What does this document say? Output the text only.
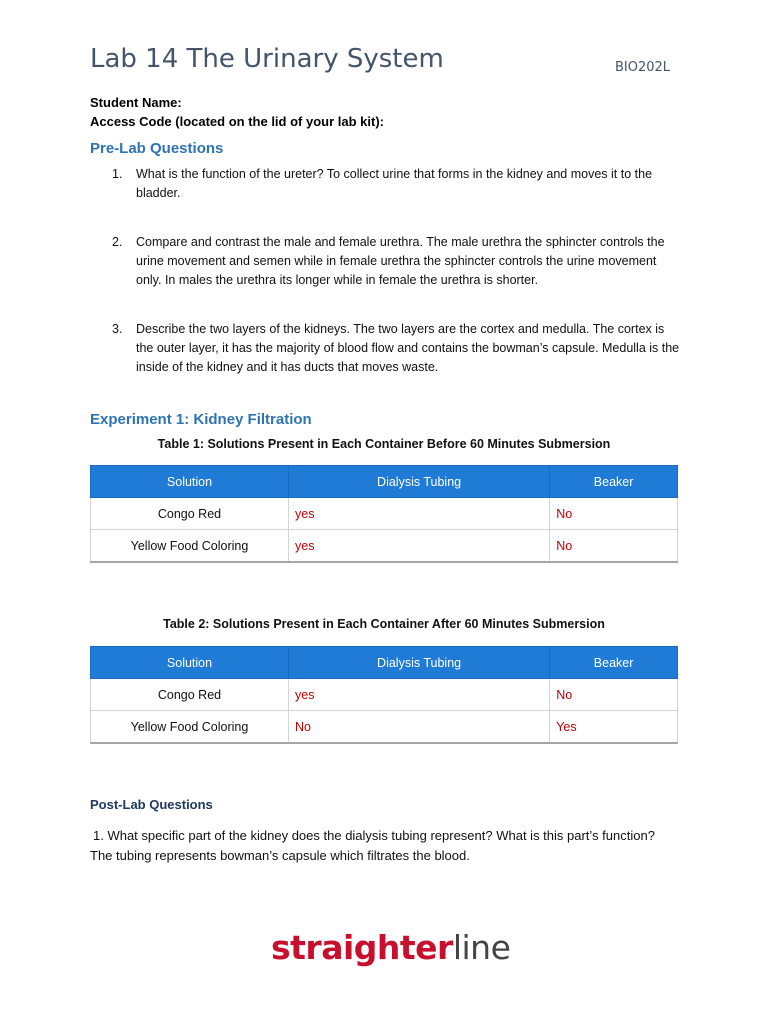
Lab 14 The Urinary System	BIO202L
Student Name:
Access Code (located on the lid of your lab kit):
Pre-Lab Questions
1. What is the function of the ureter? To collect urine that forms in the kidney and moves it to the bladder.
2. Compare and contrast the male and female urethra. The male urethra the sphincter controls the urine movement and semen while in female urethra the sphincter controls the urine movement only. In males the urethra its longer while in female the urethra is shorter.
3. Describe the two layers of the kidneys. The two layers are the cortex and medulla. The cortex is the outer layer, it has the majority of blood flow and contains the bowman’s capsule. Medulla is the inside of the kidney and it has ducts that moves waste.
Experiment 1: Kidney Filtration
Table 1: Solutions Present in Each Container Before 60 Minutes Submersion
Solution	Dialysis Tubing	Beaker
Congo Red	yes	No
Yellow Food Coloring	yes	No
Table 2: Solutions Present in Each Container After 60 Minutes Submersion
Solution	Dialysis Tubing	Beaker
Congo Red	yes	No
Yellow Food Coloring	No	Yes
Post-Lab Questions
1. What specific part of the kidney does the dialysis tubing represent? What is this part’s function? The tubing represents bowman’s capsule which filtrates the blood.
straighterline
